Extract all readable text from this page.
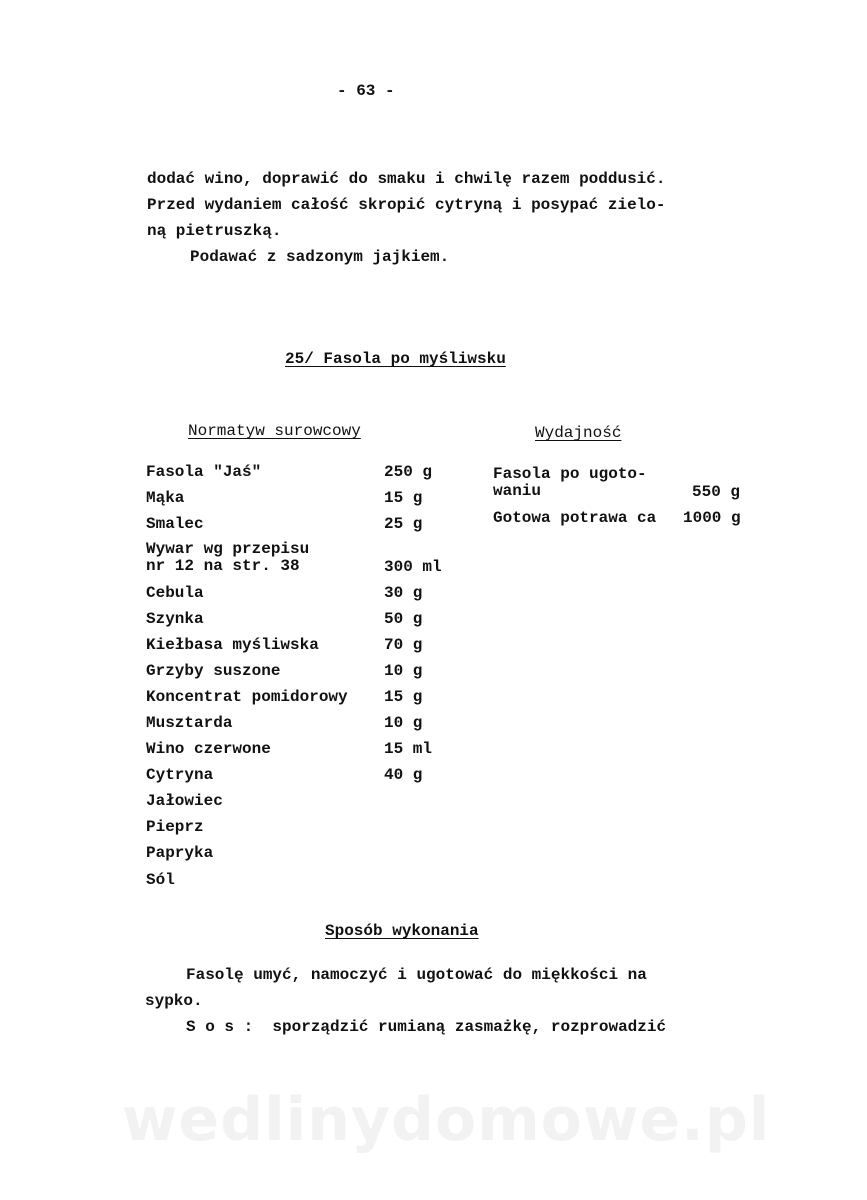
- 63 -
dodać wino, doprawić do smaku i chwilę razem poddusić.
Przed wydaniem całość skropić cytryną i posypać zielo-
ną pietruszką.
Podawać z sadzonym jajkiem.
25/ Fasola po myśliwsku
Normatyw surowcowy	Wydajność
Fasola "Jaś"	250 g
Mąka	15 g
Smalec	25 g
Wywar wg przepisu
nr 12 na str. 38	300 ml
Cebula	30 g
Szynka	50 g
Kiełbasa myśliwska	70 g
Grzyby suszone	10 g
Koncentrat pomidorowy 15 g
Musztarda	10 g
Wino czerwone	15 ml
Cytryna	40 g
Jałowiec
Pieprz
Papryka
Sól
Fasola po ugoto-
waniu	550 g
Gotowa potrawa ca 1000 g
Sposób wykonania
Fasolę umyć, namoczyć i ugotować do miękkości na
sypko.
S o s :  sporządzić rumianą zasmażkę, rozprowadzić
wedlinydomowe.pl
